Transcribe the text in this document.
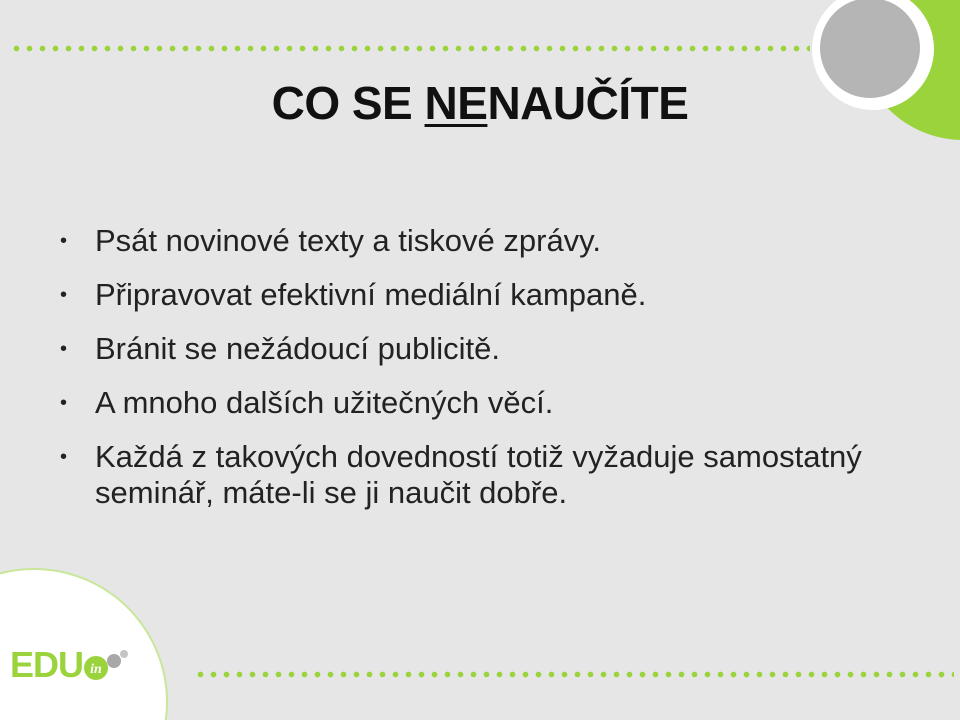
CO SE NENAUČÍTE
• Psát novinové texty a tiskové zprávy.
• Připravovat efektivní mediální kampaně.
• Bránit se nežádoucí publicitě.
• A mnoho dalších užitečných věcí.
• Každá z takových dovedností totiž vyžaduje samostatný seminář, máte-li se ji naučit dobře.
EDU in
